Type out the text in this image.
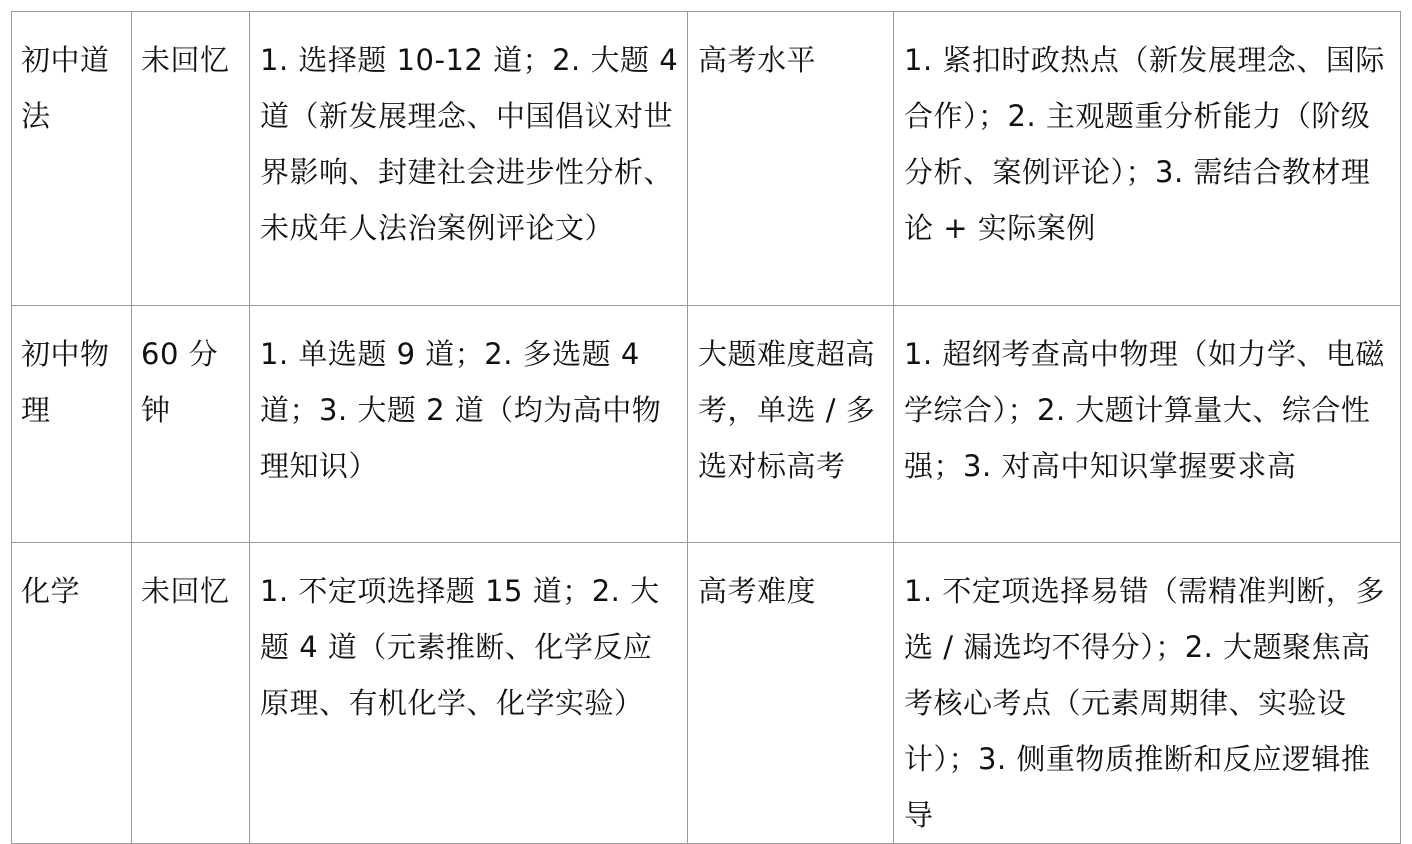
初中道法	未回忆	1. 选择题 10-12 道；2. 大题 4 道（新发展理念、中国倡议对世界影响、封建社会进步性分析、未成年人法治案例评论文）	高考水平	1. 紧扣时政热点（新发展理念、国际合作）；2. 主观题重分析能力（阶级分析、案例评论）；3. 需结合教材理论 + 实际案例
初中物理	60 分钟	1. 单选题 9 道；2. 多选题 4 道；3. 大题 2 道（均为高中物理知识）	大题难度超高考，单选 / 多选对标高考	1. 超纲考查高中物理（如力学、电磁学综合）；2. 大题计算量大、综合性强；3. 对高中知识掌握要求高
化学	未回忆	1. 不定项选择题 15 道；2. 大题 4 道（元素推断、化学反应原理、有机化学、化学实验）	高考难度	1. 不定项选择易错（需精准判断，多选 / 漏选均不得分）；2. 大题聚焦高考核心考点（元素周期律、实验设计）；3. 侧重物质推断和反应逻辑推导
